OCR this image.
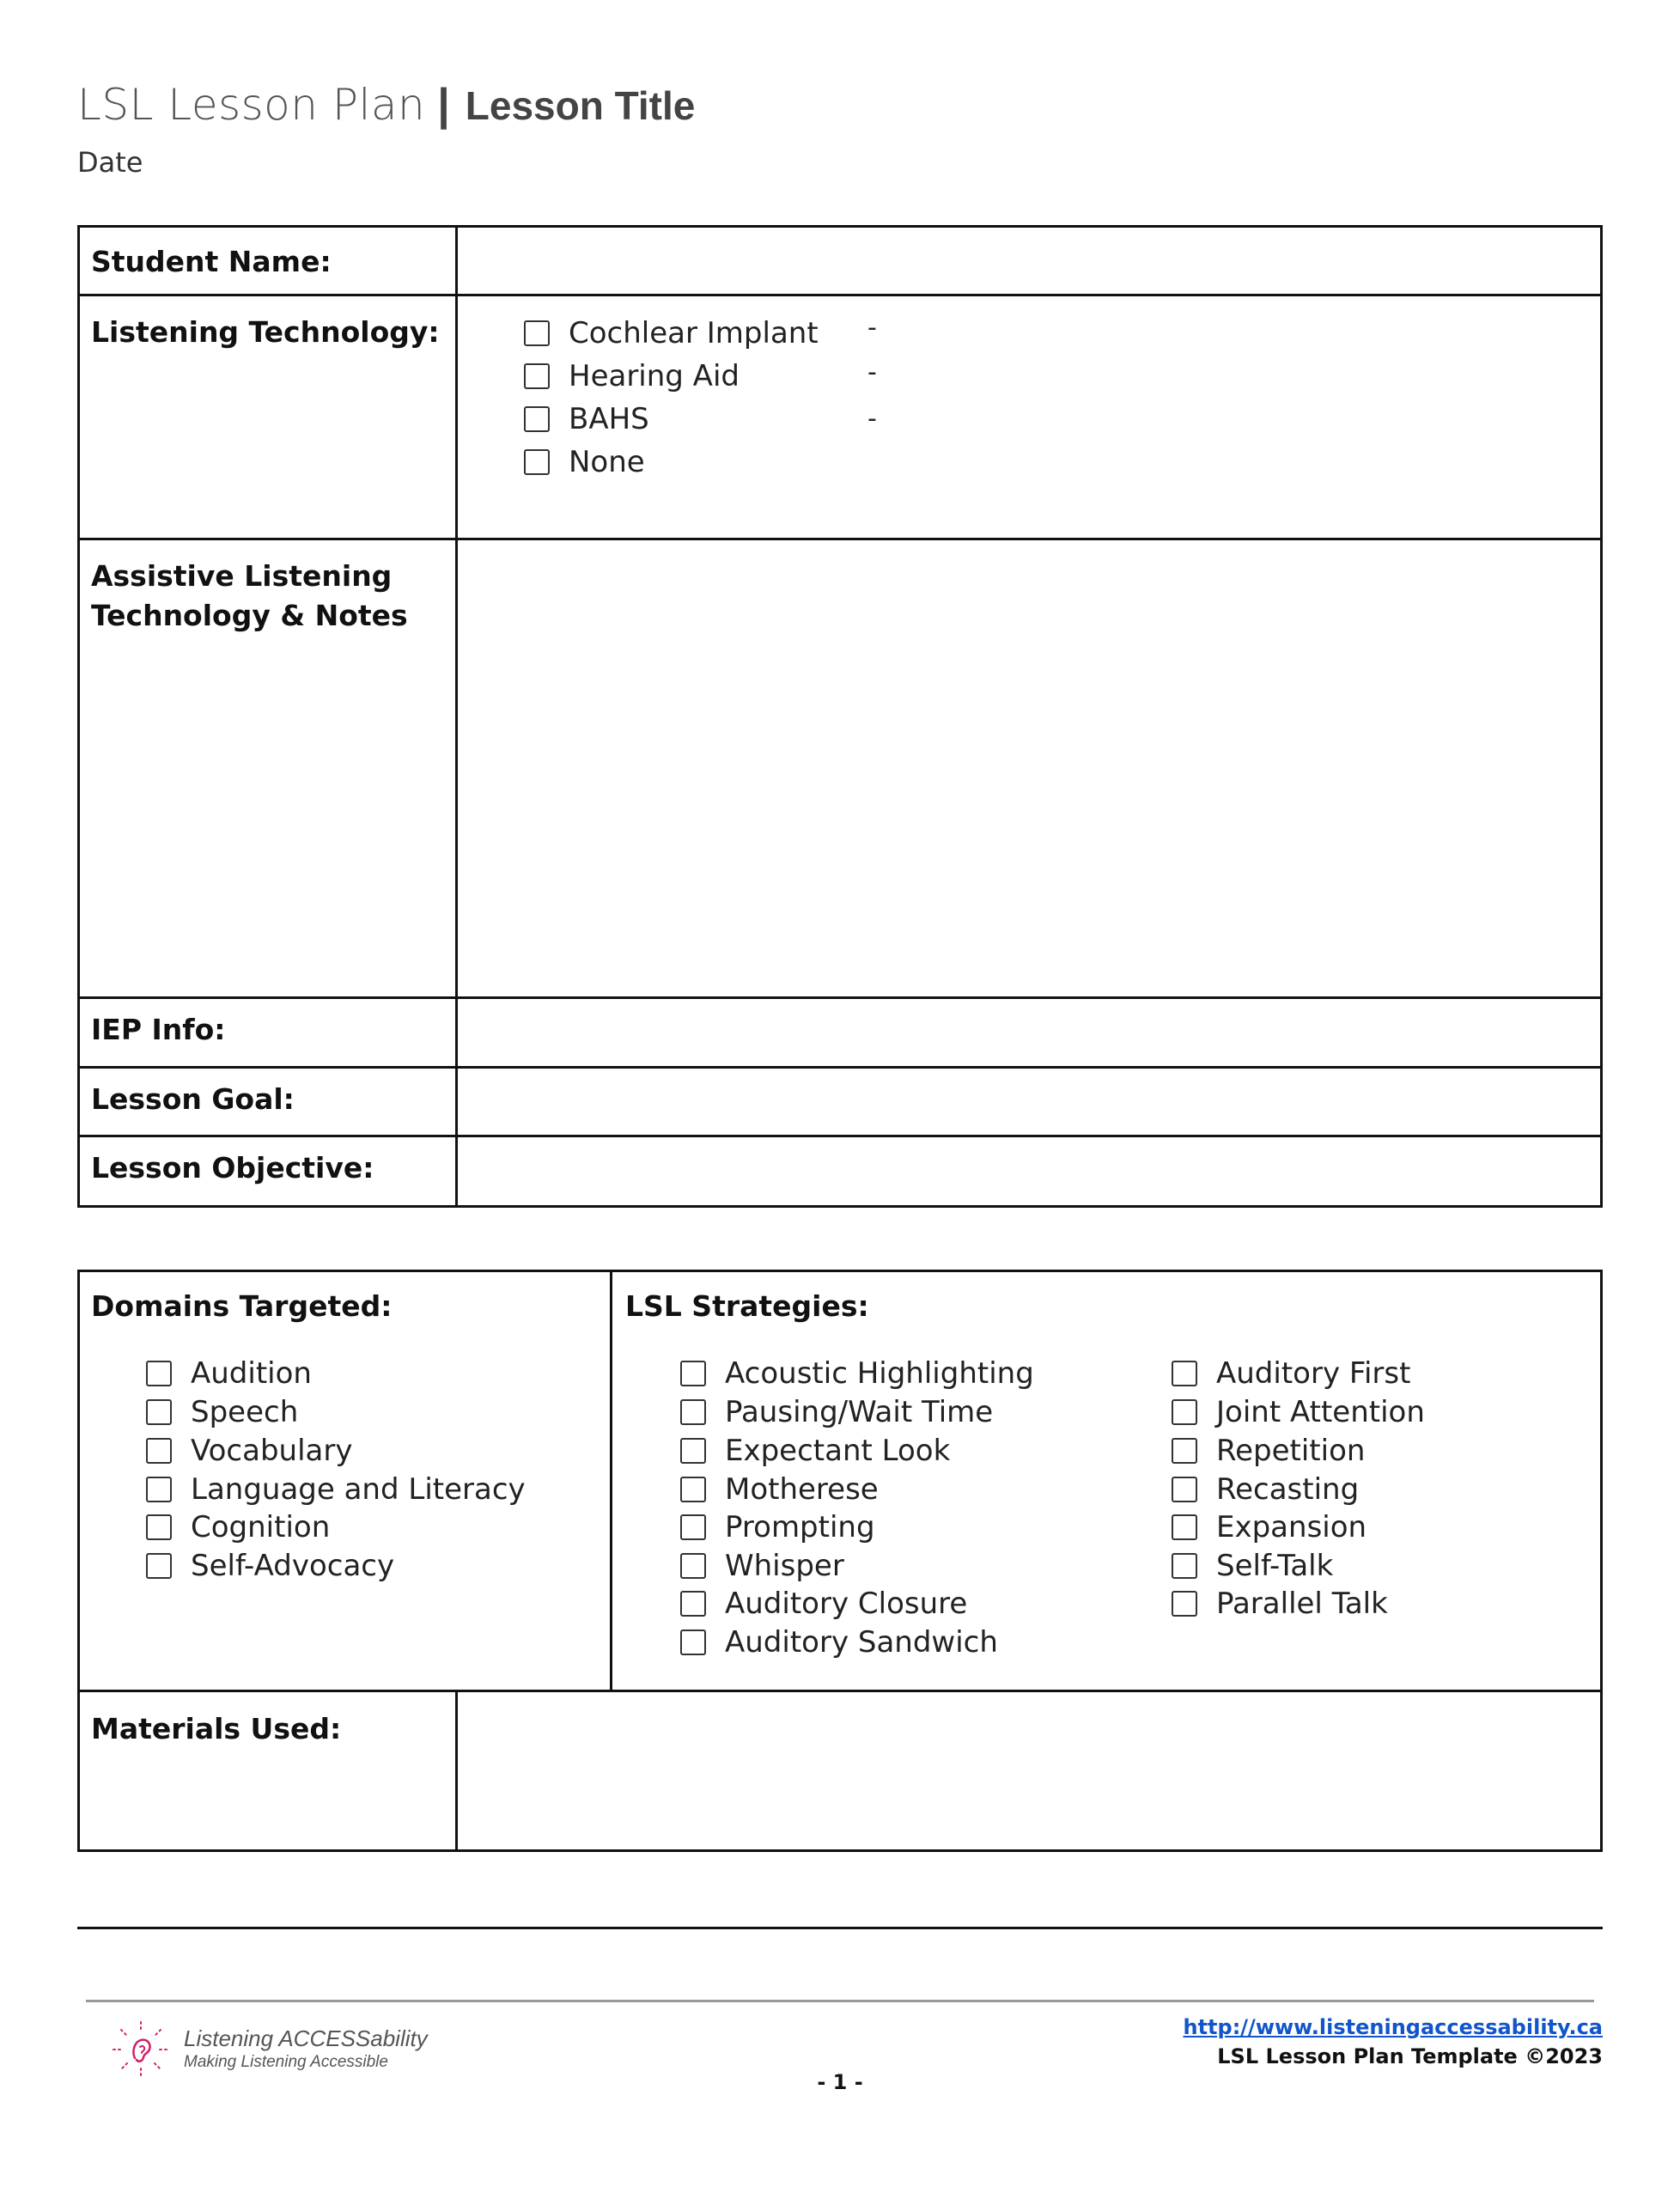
LSL Lesson Plan | Lesson Title
Date
Student Name:
Listening Technology:	Cochlear Implant
Hearing Aid
BAHS
None
-
-
-
Assistive Listening
Technology & Notes
IEP Info:
Lesson Goal:
Lesson Objective:
Domains Targeted:
Audition
Speech
Vocabulary
Language and Literacy
Cognition
Self-Advocacy
LSL Strategies:
Acoustic Highlighting
Pausing/Wait Time
Expectant Look
Motherese
Prompting
Whisper
Auditory Closure
Auditory Sandwich
Auditory First
Joint Attention
Repetition
Recasting
Expansion
Self-Talk
Parallel Talk
Materials Used:
Listening ACCESSability
Making Listening Accessible
http://www.listeningaccessability.ca
LSL Lesson Plan Template ©2023
- 1 -
